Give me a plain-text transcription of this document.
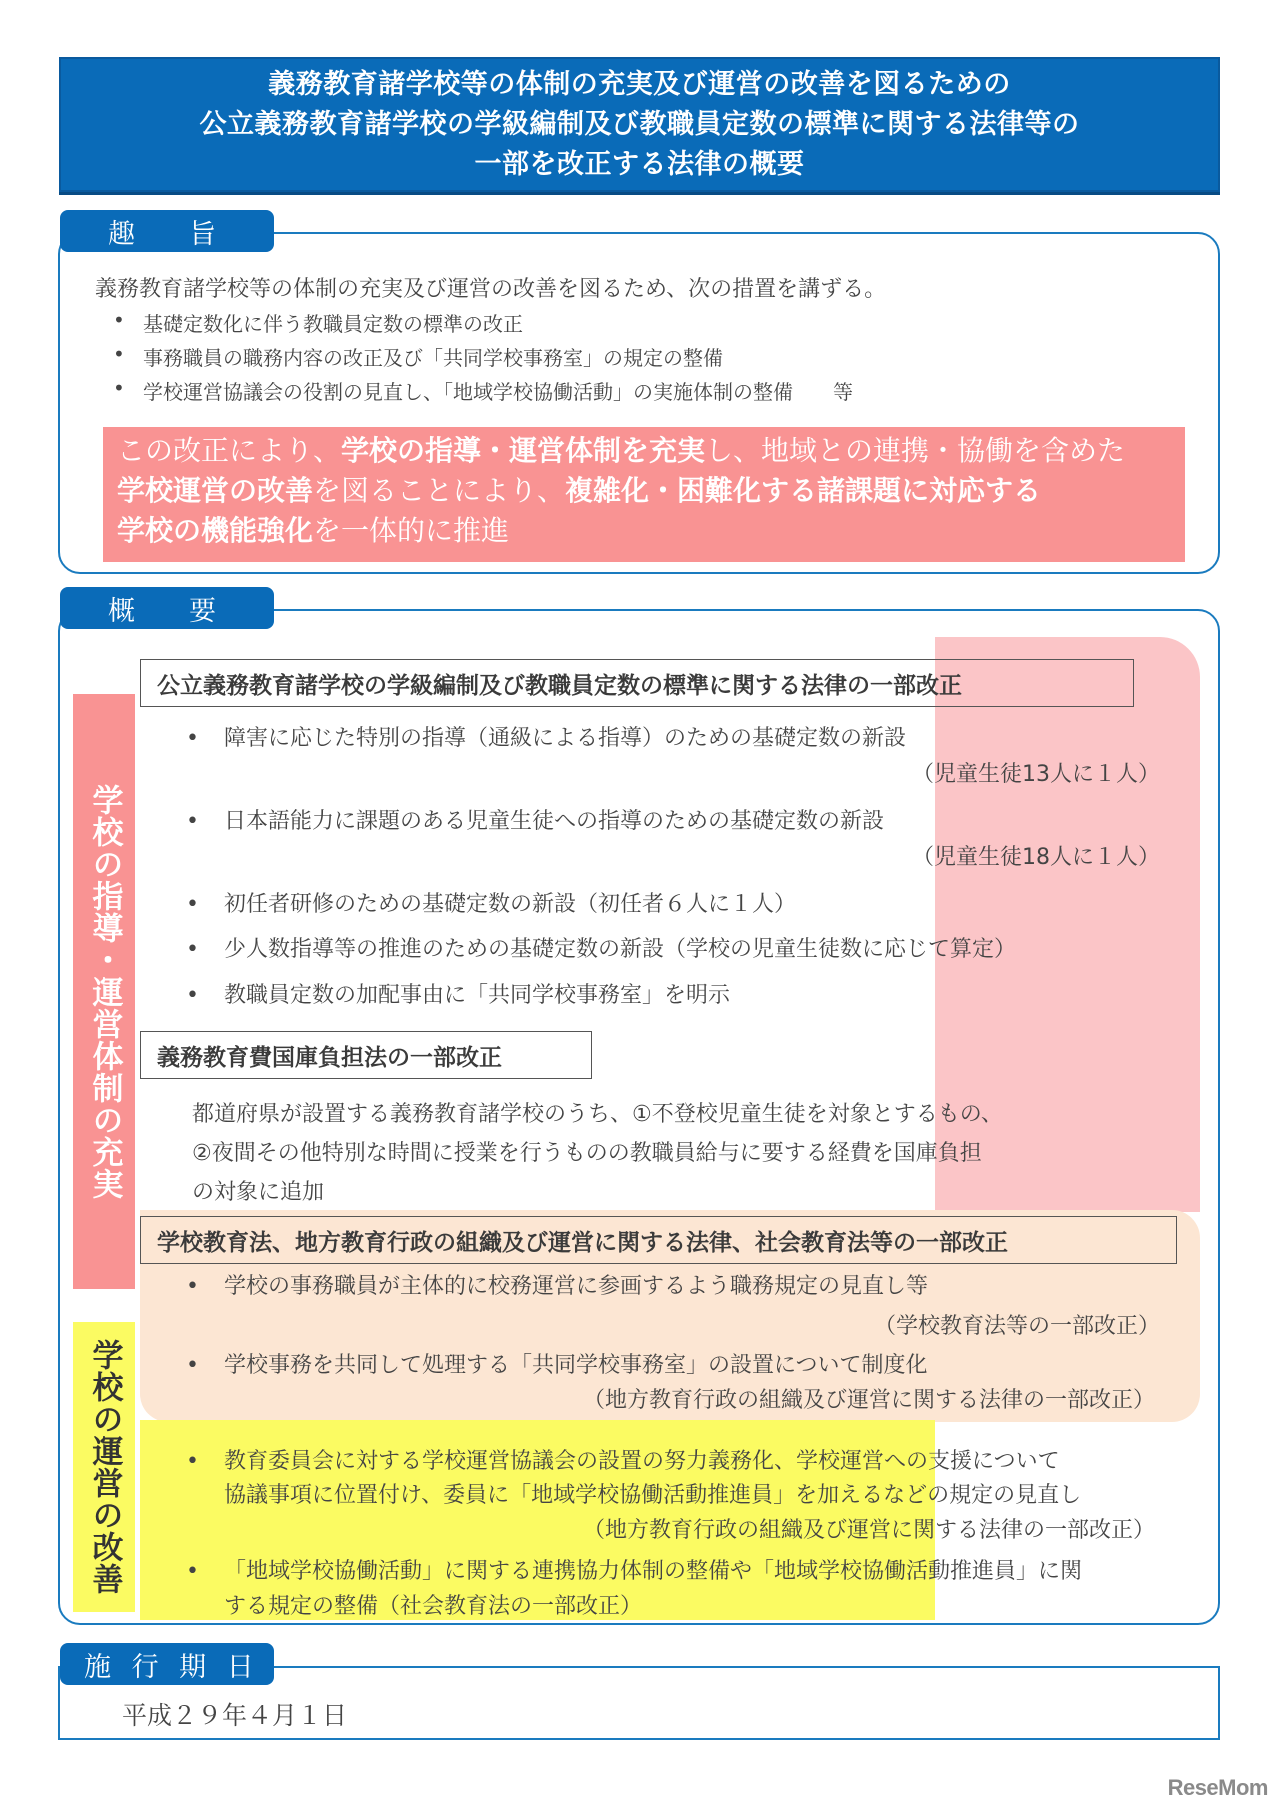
義務教育諸学校等の体制の充実及び運営の改善を図るための
公立義務教育諸学校の学級編制及び教職員定数の標準に関する法律等の
一部を改正する法律の概要
趣　　旨
義務教育諸学校等の体制の充実及び運営の改善を図るため、次の措置を講ずる。
• 基礎定数化に伴う教職員定数の標準の改正
• 事務職員の職務内容の改正及び「共同学校事務室」の規定の整備
• 学校運営協議会の役割の見直し、「地域学校協働活動」の実施体制の整備　　等
この改正により、学校の指導・運営体制を充実し、地域との連携・協働を含めた
学校運営の改善を図ることにより、複雑化・困難化する諸課題に対応する
学校の機能強化を一体的に推進
概　　要
学校の指導・運営体制の充実
学校の運営の改善
公立義務教育諸学校の学級編制及び教職員定数の標準に関する法律の一部改正
• 障害に応じた特別の指導（通級による指導）のための基礎定数の新設
（児童生徒13人に１人）
• 日本語能力に課題のある児童生徒への指導のための基礎定数の新設
（児童生徒18人に１人）
• 初任者研修のための基礎定数の新設（初任者６人に１人）
• 少人数指導等の推進のための基礎定数の新設（学校の児童生徒数に応じて算定）
• 教職員定数の加配事由に「共同学校事務室」を明示
義務教育費国庫負担法の一部改正
都道府県が設置する義務教育諸学校のうち、①不登校児童生徒を対象とするもの、
②夜間その他特別な時間に授業を行うものの教職員給与に要する経費を国庫負担
の対象に追加
学校教育法、地方教育行政の組織及び運営に関する法律、社会教育法等の一部改正
• 学校の事務職員が主体的に校務運営に参画するよう職務規定の見直し等
（学校教育法等の一部改正）
• 学校事務を共同して処理する「共同学校事務室」の設置について制度化
（地方教育行政の組織及び運営に関する法律の一部改正）
• 教育委員会に対する学校運営協議会の設置の努力義務化、学校運営への支援について
協議事項に位置付け、委員に「地域学校協働活動推進員」を加えるなどの規定の見直し
（地方教育行政の組織及び運営に関する法律の一部改正）
• 「地域学校協働活動」に関する連携協力体制の整備や「地域学校協働活動推進員」に関
する規定の整備（社会教育法の一部改正）
施 行 期 日
平成２９年４月１日
ReseMom
